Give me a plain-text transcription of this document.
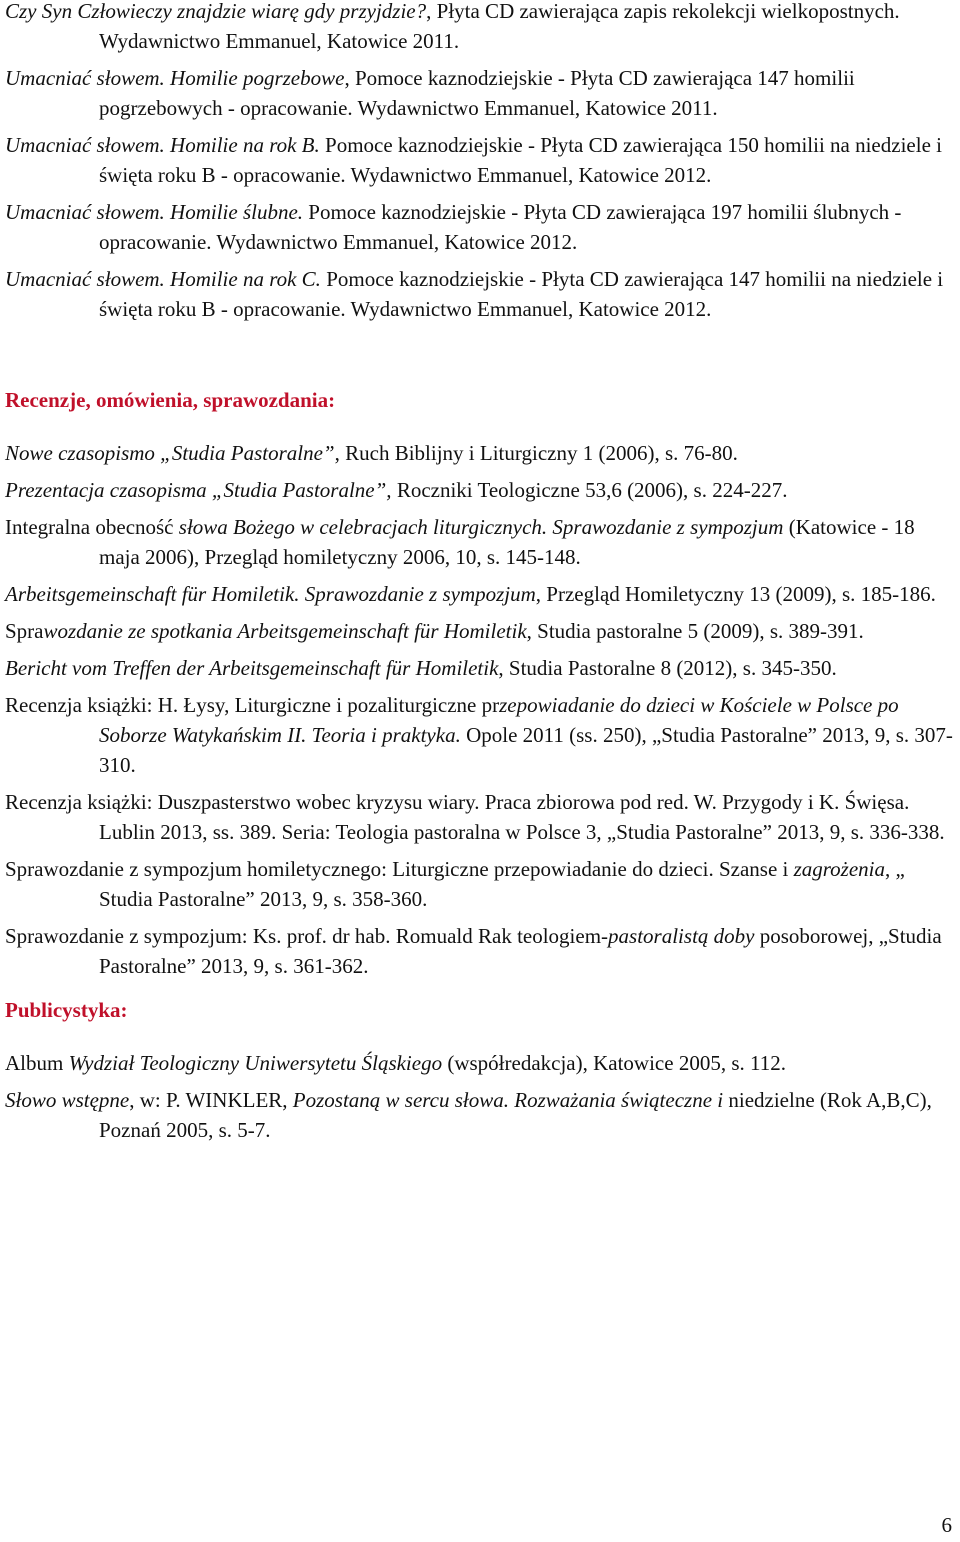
Czy Syn Człowieczy znajdzie wiarę gdy przyjdzie?, Płyta CD zawierająca zapis rekolekcji wielkopostnych. Wydawnictwo Emmanuel, Katowice 2011.

Umacniać słowem. Homilie pogrzebowe, Pomoce kaznodziejskie - Płyta CD zawierająca 147 homilii pogrzebowych - opracowanie. Wydawnictwo Emmanuel, Katowice 2011.

Umacniać słowem. Homilie na rok B. Pomoce kaznodziejskie - Płyta CD zawierająca 150 homilii na niedziele i święta roku B - opracowanie. Wydawnictwo Emmanuel, Katowice 2012.

Umacniać słowem. Homilie ślubne. Pomoce kaznodziejskie - Płyta CD zawierająca 197 homilii ślubnych - opracowanie. Wydawnictwo Emmanuel, Katowice 2012.

Umacniać słowem. Homilie na rok C. Pomoce kaznodziejskie - Płyta CD zawierająca 147 homilii na niedziele i święta roku B - opracowanie. Wydawnictwo Emmanuel, Katowice 2012.

Recenzje, omówienia, sprawozdania:

Nowe czasopismo „Studia Pastoralne”, Ruch Biblijny i Liturgiczny 1 (2006), s. 76-80.

Prezentacja czasopisma „Studia Pastoralne”, Roczniki Teologiczne 53,6 (2006), s. 224-227.

Integralna obecność słowa Bożego w celebracjach liturgicznych. Sprawozdanie z sympozjum (Katowice - 18 maja 2006), Przegląd homiletyczny 2006, 10, s. 145-148.

Arbeitsgemeinschaft für Homiletik. Sprawozdanie z sympozjum, Przegląd Homiletyczny 13 (2009), s. 185-186.

Sprawozdanie ze spotkania Arbeitsgemeinschaft für Homiletik, Studia pastoralne 5 (2009), s. 389-391.

Bericht vom Treffen der Arbeitsgemeinschaft für Homiletik, Studia Pastoralne 8 (2012), s. 345-350.

Recenzja książki: H. Łysy, Liturgiczne i pozaliturgiczne przepowiadanie do dzieci w Kościele w Polsce po Soborze Watykańskim II. Teoria i praktyka. Opole 2011 (ss. 250), „Studia Pastoralne” 2013, 9, s. 307-310.

Recenzja książki: Duszpasterstwo wobec kryzysu wiary. Praca zbiorowa pod red. W. Przygody i K. Święsa. Lublin 2013, ss. 389. Seria: Teologia pastoralna w Polsce 3, „Studia Pastoralne” 2013, 9, s. 336-338.

Sprawozdanie z sympozjum homiletycznego: Liturgiczne przepowiadanie do dzieci. Szanse i zagrożenia, „ Studia Pastoralne” 2013, 9, s. 358-360.

Sprawozdanie z sympozjum: Ks. prof. dr hab. Romuald Rak teologiem-pastoralistą doby posoborowej, „Studia Pastoralne” 2013, 9, s. 361-362.

Publicystyka:

Album Wydział Teologiczny Uniwersytetu Śląskiego (współredakcja), Katowice 2005, s. 112.

Słowo wstępne, w: P. WINKLER, Pozostaną w sercu słowa. Rozważania świąteczne i niedzielne (Rok A,B,C), Poznań 2005, s. 5-7.

6
